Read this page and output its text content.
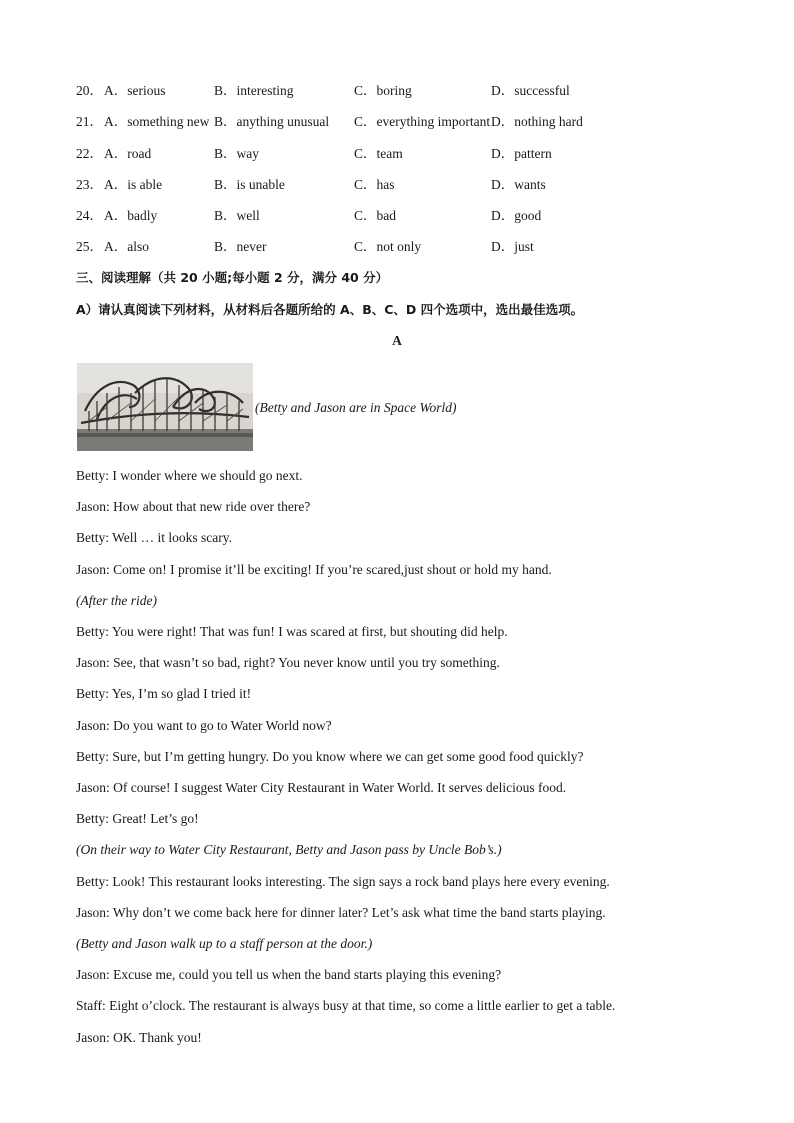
20． A．serious	B．interesting	C．boring	D．successful
21． A．something new B．anything unusual C．everything important D．nothing hard
22． A．road	B．way	C．team	D．pattern
23． A．is able	B．is unable	C．has	D．wants
24． A．badly	B．well	C．bad	D．good
25． A．also	B．never	C．not only	D．just
三、阅读理解（共 20 小题;每小题 2 分，满分 40 分）
A）请认真阅读下列材料，从材料后各题所给的 A、B、C、D 四个选项中，选出最佳选项。
A
(Betty and Jason are in Space World)
Betty: I wonder where we should go next.
Jason: How about that new ride over there?
Betty: Well … it looks scary.
Jason: Come on! I promise it’ll be exciting! If you’re scared,just shout or hold my hand.
(After the ride)
Betty: You were right! That was fun! I was scared at first, but shouting did help.
Jason: See, that wasn’t so bad, right? You never know until you try something.
Betty: Yes, I’m so glad I tried it!
Jason: Do you want to go to Water World now?
Betty: Sure, but I’m getting hungry. Do you know where we can get some good food quickly?
Jason: Of course! I suggest Water City Restaurant in Water World. It serves delicious food.
Betty: Great! Let’s go!
(On their way to Water City Restaurant, Betty and Jason pass by Uncle Bob’s.)
Betty: Look! This restaurant looks interesting. The sign says a rock band plays here every evening.
Jason: Why don’t we come back here for dinner later? Let’s ask what time the band starts playing.
(Betty and Jason walk up to a staff person at the door.)
Jason: Excuse me, could you tell us when the band starts playing this evening?
Staff: Eight o’clock. The restaurant is always busy at that time, so come a little earlier to get a table.
Jason: OK. Thank you!
